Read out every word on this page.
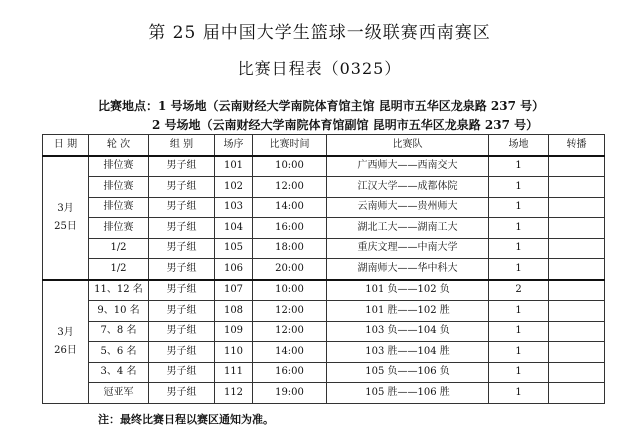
第 25 届中国大学生篮球一级联赛西南赛区
比赛日程表（0325）
比赛地点：1 号场地（云南财经大学南院体育馆主馆 昆明市五华区龙泉路 237 号）
2 号场地（云南财经大学南院体育馆副馆 昆明市五华区龙泉路 237 号）
日 期	轮 次	组 别	场序	比赛时间	比赛队	场地	转播
3月
25日	排位赛	男子组	101	10:00	广西师大——西南交大	1	
	排位赛	男子组	102	12:00	江汉大学——成都体院	1	
	排位赛	男子组	103	14:00	云南师大——贵州师大	1	
	排位赛	男子组	104	16:00	湖北工大——湖南工大	1	
	1/2	男子组	105	18:00	重庆文理——中南大学	1	
	1/2	男子组	106	20:00	湖南师大——华中科大	1	
3月
26日	11、12 名	男子组	107	10:00	101 负——102 负	2	
	9、10 名	男子组	108	12:00	101 胜——102 胜	1	
	7、8 名	男子组	109	12:00	103 负——104 负	1	
	5、6 名	男子组	110	14:00	103 胜——104 胜	1	
	3、4 名	男子组	111	16:00	105 负——106 负	1	
	冠亚军	男子组	112	19:00	105 胜——106 胜	1	
注：最终比赛日程以赛区通知为准。
